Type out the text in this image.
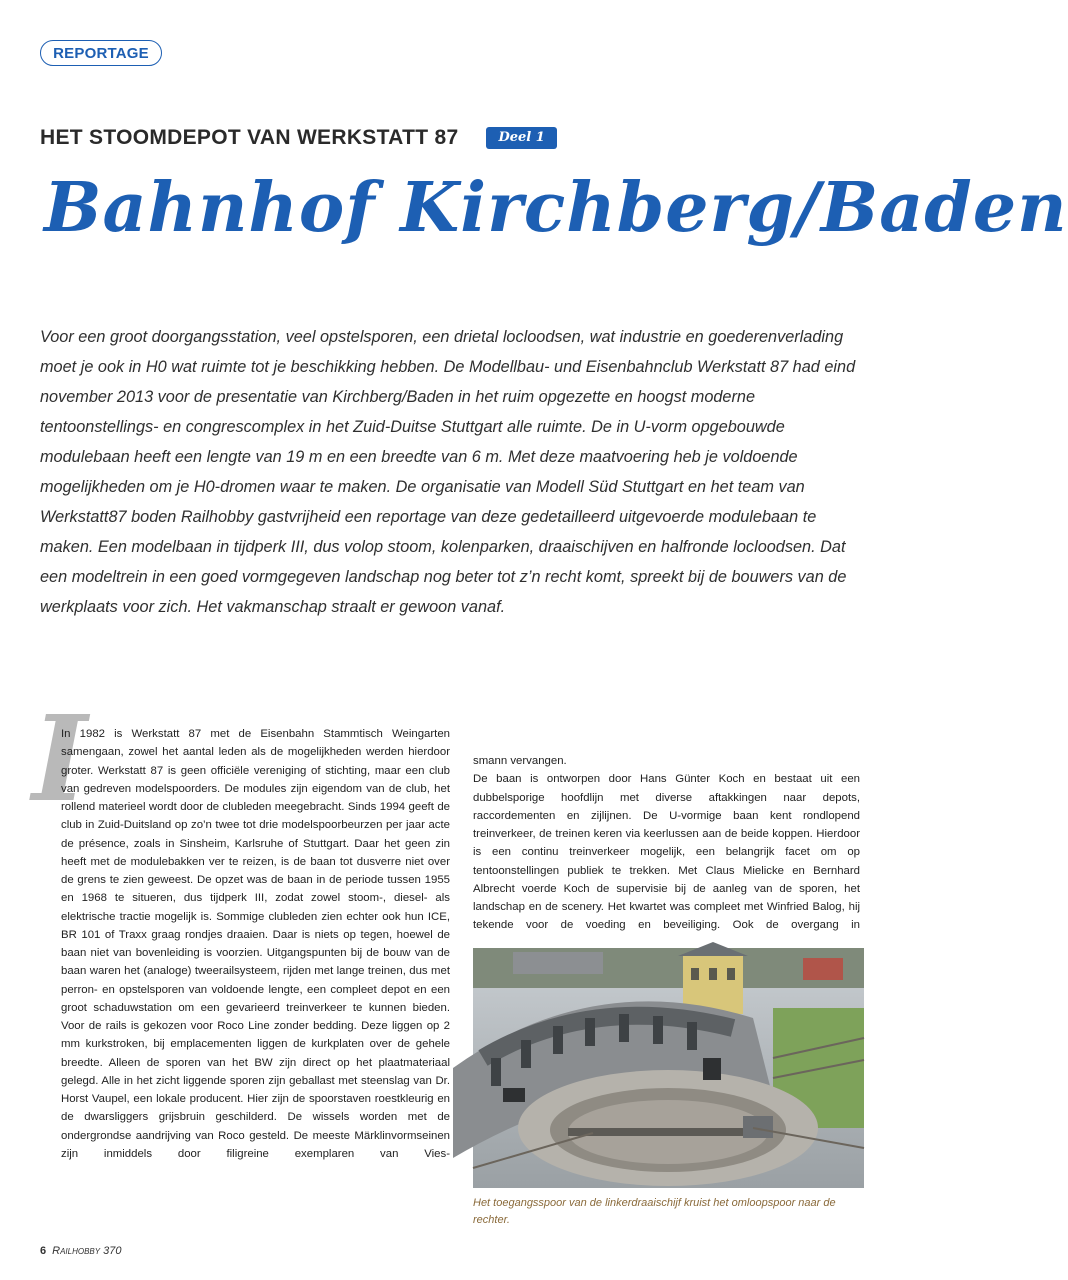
REPORTAGE
HET STOOMDEPOT VAN WERKSTATT 87	Deel 1
Bahnhof Kirchberg/Baden

Voor een groot doorgangsstation, veel opstelsporen, een drietal locloodsen, wat industrie en goederenverlading moet je ook in H0 wat ruimte tot je beschikking hebben. De Modellbau- und Eisenbahnclub Werkstatt 87 had eind november 2013 voor de presentatie van Kirchberg/Baden in het ruim opgezette en hoogst moderne tentoonstellings- en congrescomplex in het Zuid-Duitse Stuttgart alle ruimte. De in U-vorm opgebouwde modulebaan heeft een lengte van 19 m en een breedte van 6 m. Met deze maatvoering heb je voldoende mogelijkheden om je H0-dromen waar te maken. De organisatie van Modell Süd Stuttgart en het team van Werkstatt87 boden Railhobby gastvrijheid een reportage van deze gedetailleerd uitgevoerde modulebaan te maken. Een modelbaan in tijdperk III, dus volop stoom, kolenparken, draaischijven en halfronde locloodsen. Dat een modeltrein in een goed vormgegeven landschap nog beter tot z’n recht komt, spreekt bij de bouwers van de werkplaats voor zich. Het vakmanschap straalt er gewoon vanaf.

I

In 1982 is Werkstatt 87 met de Eisenbahn Stammtisch Weingarten samengaan, zowel het aantal leden als de mogelijkheden werden hierdoor groter. Werkstatt 87 is geen officiële vereniging of stichting, maar een club van gedreven modelspoorders. De modules zijn eigendom van de club, het rollend materieel wordt door de clubleden meegebracht. Sinds 1994 geeft de club in Zuid-Duitsland op zo’n twee tot drie modelspoorbeurzen per jaar acte de présence, zoals in Sinsheim, Karlsruhe of Stuttgart. Daar het geen zin heeft met de modulebakken ver te reizen, is de baan tot dusverre niet over de grens te zien geweest. De opzet was de baan in de periode tussen 1955 en 1968 te situeren, dus tijdperk III, zodat zowel stoom-, diesel- als elektrische tractie mogelijk is. Sommige clubleden zien echter ook hun ICE, BR 101 of Traxx graag rondjes draaien. Daar is niets op tegen, hoewel de baan niet van bovenleiding is voorzien. Uitgangspunten bij de bouw van de baan waren het (analoge) tweerailsysteem, rijden met lange treinen, dus met perron- en opstelsporen van voldoende lengte, een compleet depot en een groot schaduwstation om een gevarieerd treinverkeer te kunnen bieden. Voor de rails is gekozen voor Roco Line zonder bedding. Deze liggen op 2 mm kurkstroken, bij emplacementen liggen de kurkplaten over de gehele breedte. Alleen de sporen van het BW zijn direct op het plaatmateriaal gelegd. Alle in het zicht liggende sporen zijn geballast met steenslag van Dr. Horst Vaupel, een lokale producent. Hier zijn de spoorstaven roestkleurig en de dwarsliggers grijsbruin geschilderd. De wissels worden met de ondergrondse aandrijving van Roco gesteld. De meeste Märklinvormseinen zijn inmiddels door filigreine exemplaren van Vies-

smann vervangen.
De baan is ontworpen door Hans Günter Koch en bestaat uit een dubbelsporige hoofdlijn met diverse aftakkingen naar depots, raccordementen en zijlijnen. De U-vormige baan kent rondlopend treinverkeer, de treinen keren via keerlussen aan de beide koppen. Hierdoor is een continu treinverkeer mogelijk, een belangrijk facet om op tentoonstellingen publiek te trekken. Met Claus Mielicke en Bernhard Albrecht voerde Koch de supervisie bij de aanleg van de sporen, het landschap en de scenery. Het kwartet was compleet met Winfried Balog, hij tekende voor de voeding en beveiliging. Ook de overgang in

Het toegangsspoor van de linkerdraaischijf kruist het omloopspoor naar de rechter.

6 Railhobby 370
